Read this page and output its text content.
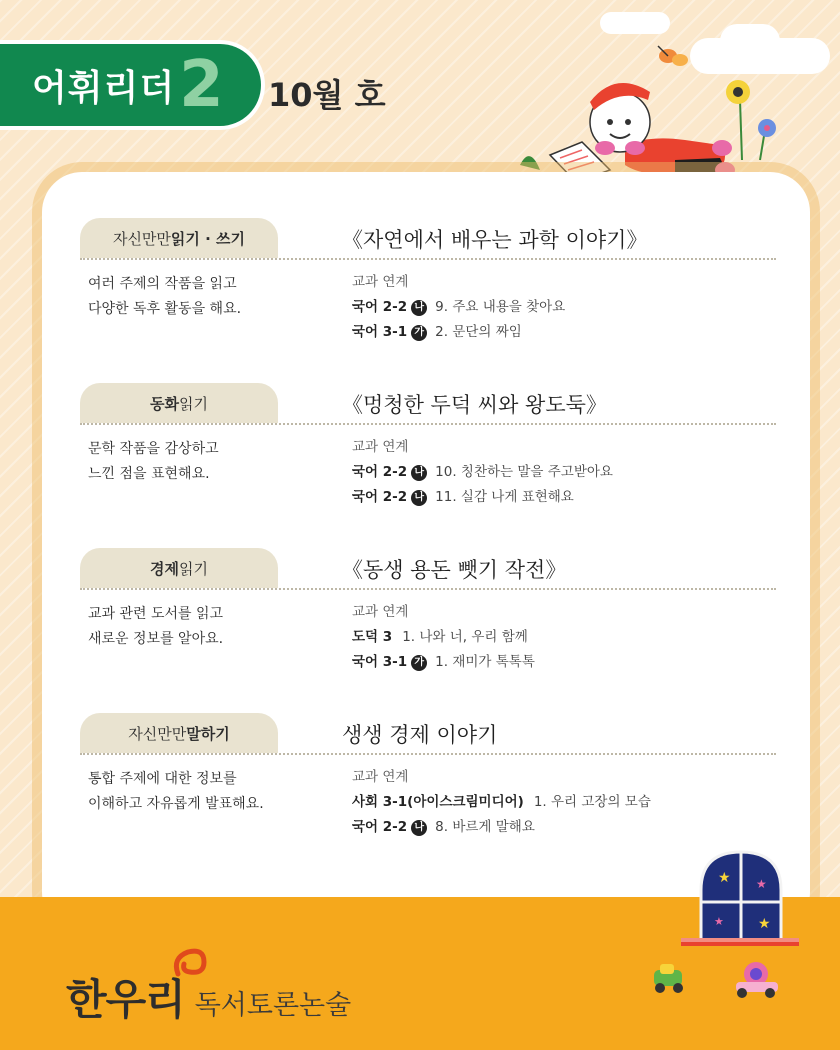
어휘리더 2 10월 호
자신만만 읽기 · 쓰기	《자연에서 배우는 과학 이야기》
여러 주제의 작품을 읽고
다양한 독후 활동을 해요.
교과 연계
국어 2-2 나 9. 주요 내용을 찾아요
국어 3-1 가 2. 문단의 짜임
동화 읽기	《멍청한 두덕 씨와 왕도둑》
문학 작품을 감상하고
느낀 점을 표현해요.
교과 연계
국어 2-2 나 10. 칭찬하는 말을 주고받아요
국어 2-2 나 11. 실감 나게 표현해요
경제 읽기	《동생 용돈 뺏기 작전》
교과 관련 도서를 읽고
새로운 정보를 알아요.
교과 연계
도덕 3 1. 나와 너, 우리 함께
국어 3-1 가 1. 재미가 톡톡톡
자신만만 말하기	생생 경제 이야기
통합 주제에 대한 정보를
이해하고 자유롭게 발표해요.
교과 연계
사회 3-1(아이스크림미디어) 1. 우리 고장의 모습
국어 2-2 나 8. 바르게 말해요
★ ★
★ ★
한우리 독서토론논술
